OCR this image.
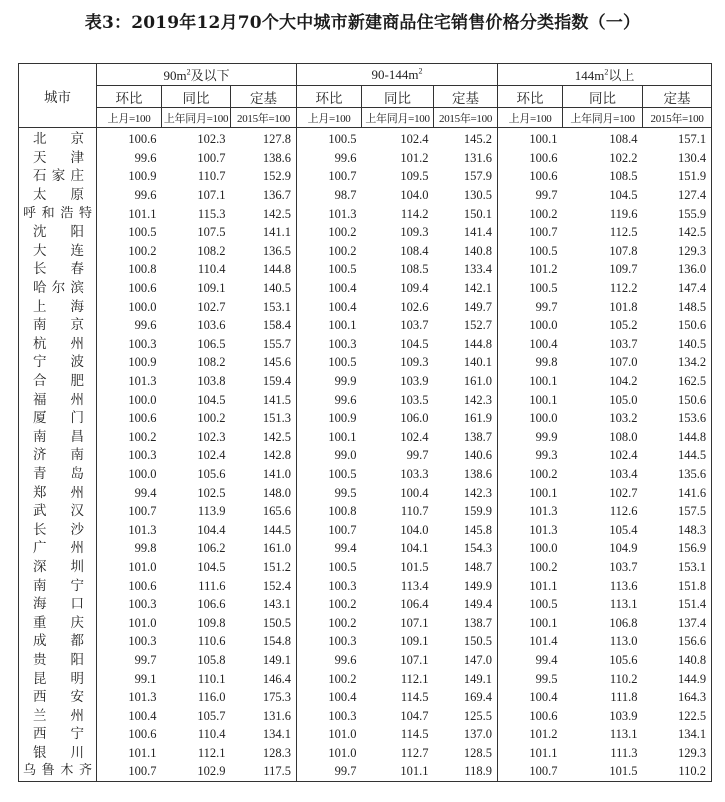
表3：2019年12月70个大中城市新建商品住宅销售价格分类指数（一）
城市	$90m^2$及以下			$90-144m^2$			$144m^2$以上		
	环比	同比	定基	环比	同比	定基	环比	同比	定基
	上月=100	上年同月=100	2015年=100	上月=100	上年同月=100	2015年=100	上月=100	上年同月=100	2015年=100
北京	100.6	102.3	127.8	100.5	102.4	145.2	100.1	108.4	157.1
天津	99.6	100.7	138.6	99.6	101.2	131.6	100.6	102.2	130.4
石家庄	100.9	110.7	152.9	100.7	109.5	157.9	100.6	108.5	151.9
太原	99.6	107.1	136.7	98.7	104.0	130.5	99.7	104.5	127.4
呼和浩特	101.1	115.3	142.5	101.3	114.2	150.1	100.2	119.6	155.9
沈阳	100.5	107.5	141.1	100.2	109.3	141.4	100.7	112.5	142.5
大连	100.2	108.2	136.5	100.2	108.4	140.8	100.5	107.8	129.3
长春	100.8	110.4	144.8	100.5	108.5	133.4	101.2	109.7	136.0
哈尔滨	100.6	109.1	140.5	100.4	109.4	142.1	100.5	112.2	147.4
上海	100.0	102.7	153.1	100.4	102.6	149.7	99.7	101.8	148.5
南京	99.6	103.6	158.4	100.1	103.7	152.7	100.0	105.2	150.6
杭州	100.3	106.5	155.7	100.3	104.5	144.8	100.4	103.7	140.5
宁波	100.9	108.2	145.6	100.5	109.3	140.1	99.8	107.0	134.2
合肥	101.3	103.8	159.4	99.9	103.9	161.0	100.1	104.2	162.5
福州	100.0	104.5	141.5	99.6	103.5	142.3	100.1	105.0	150.6
厦门	100.6	100.2	151.3	100.9	106.0	161.9	100.0	103.2	153.6
南昌	100.2	102.3	142.5	100.1	102.4	138.7	99.9	108.0	144.8
济南	100.3	102.4	142.8	99.0	99.7	140.6	99.3	102.4	144.5
青岛	100.0	105.6	141.0	100.5	103.3	138.6	100.2	103.4	135.6
郑州	99.4	102.5	148.0	99.5	100.4	142.3	100.1	102.7	141.6
武汉	100.7	113.9	165.6	100.8	110.7	159.9	101.3	112.6	157.5
长沙	101.3	104.4	144.5	100.7	104.0	145.8	101.3	105.4	148.3
广州	99.8	106.2	161.0	99.4	104.1	154.3	100.0	104.9	156.9
深圳	101.0	104.5	151.2	100.5	101.5	148.7	100.2	103.7	153.1
南宁	100.6	111.6	152.4	100.3	113.4	149.9	101.1	113.6	151.8
海口	100.3	106.6	143.1	100.2	106.4	149.4	100.5	113.1	151.4
重庆	101.0	109.8	150.5	100.2	107.1	138.7	100.1	106.8	137.4
成都	100.3	110.6	154.8	100.3	109.1	150.5	101.4	113.0	156.6
贵阳	99.7	105.8	149.1	99.6	107.1	147.0	99.4	105.6	140.8
昆明	99.1	110.1	146.4	100.2	112.1	149.1	99.5	110.2	144.9
西安	101.3	116.0	175.3	100.4	114.5	169.4	100.4	111.8	164.3
兰州	100.4	105.7	131.6	100.3	104.7	125.5	100.6	103.9	122.5
西宁	100.6	110.4	134.1	101.0	114.5	137.0	101.2	113.1	134.1
银川	101.1	112.1	128.3	101.0	112.7	128.5	101.1	111.3	129.3
乌鲁木齐	100.7	102.9	117.5	99.7	101.1	118.9	100.7	101.5	110.2
